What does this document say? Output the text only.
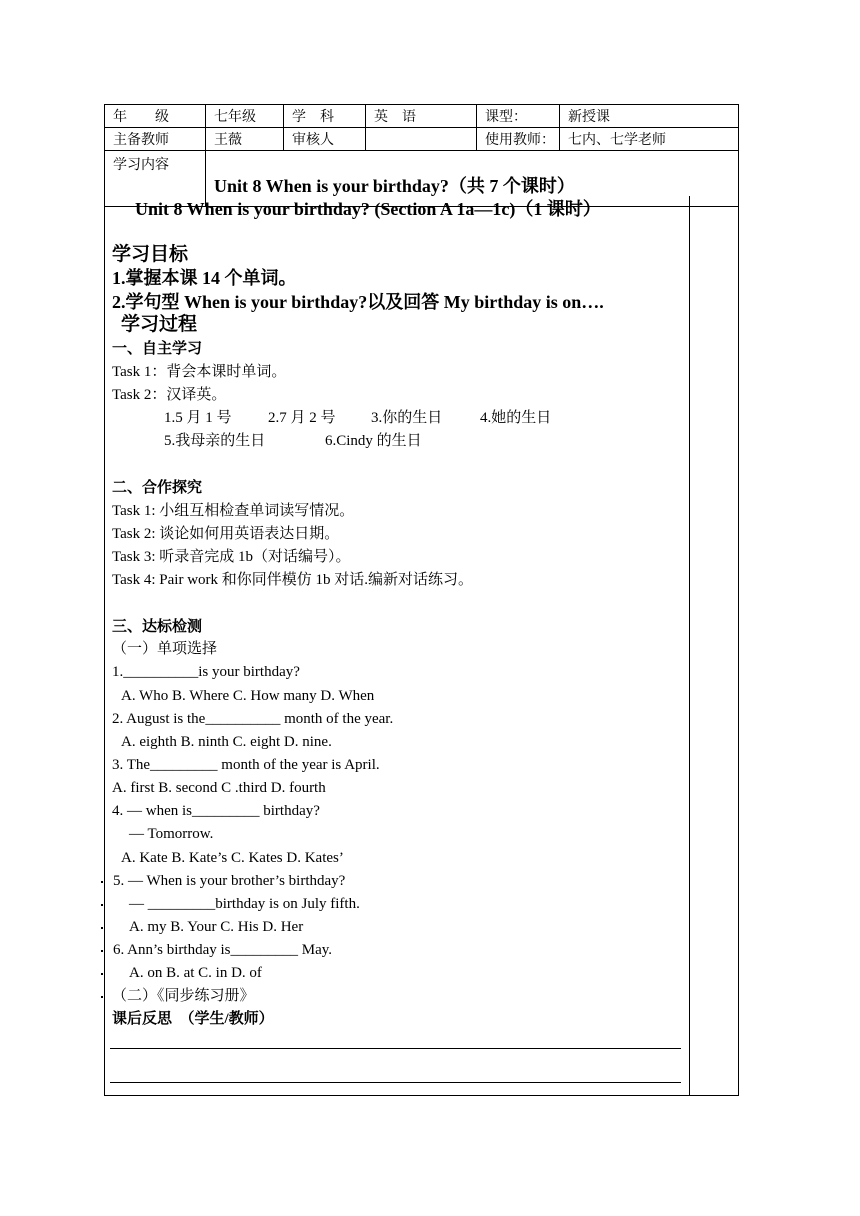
年　　级	七年级	学　科	英　语	课型：	新授课
主备教师	王薇	审核人		使用教师：	七内、七学老师
学习内容	Unit 8 When is your birthday?（共 7 个课时）				
Unit 8 When is your birthday? (Section A 1a—1c)（1 课时）
学习目标
1.掌握本课 14 个单词。
2.学句型 When is your birthday?以及回答 My birthday is on….
学习过程
一、自主学习
Task 1：背会本课时单词。
Task 2：汉译英。
1.5 月 1 号 2.7 月 2 号 3.你的生日	4.她的生日
5.我母亲的生日	6.Cindy 的生日
二、合作探究
Task 1: 小组互相检查单词读写情况。
Task 2: 谈论如何用英语表达日期。
Task 3: 听录音完成 1b（对话编号）。
Task 4: Pair work 和你同伴模仿 1b 对话.编新对话练习。
三、达标检测
（一）单项选择
1.__________is your birthday?
A. Who B. Where C. How many D. When
2. August is the__________ month of the year.
A. eighth B. ninth C. eight D. nine.
3. The_________ month of the year is April.
A. first B. second C .third D. fourth
4. — when is_________ birthday?
— Tomorrow.
A. Kate B. Kate’s C. Kates D. Kates’
5. — When is your brother’s birthday?
— _________birthday is on July fifth.
A. my B. Your C. His D. Her
6. Ann’s birthday is_________ May.
A. on B. at C. in D. of
（二）《同步练习册》
课后反思　（学生/教师）
